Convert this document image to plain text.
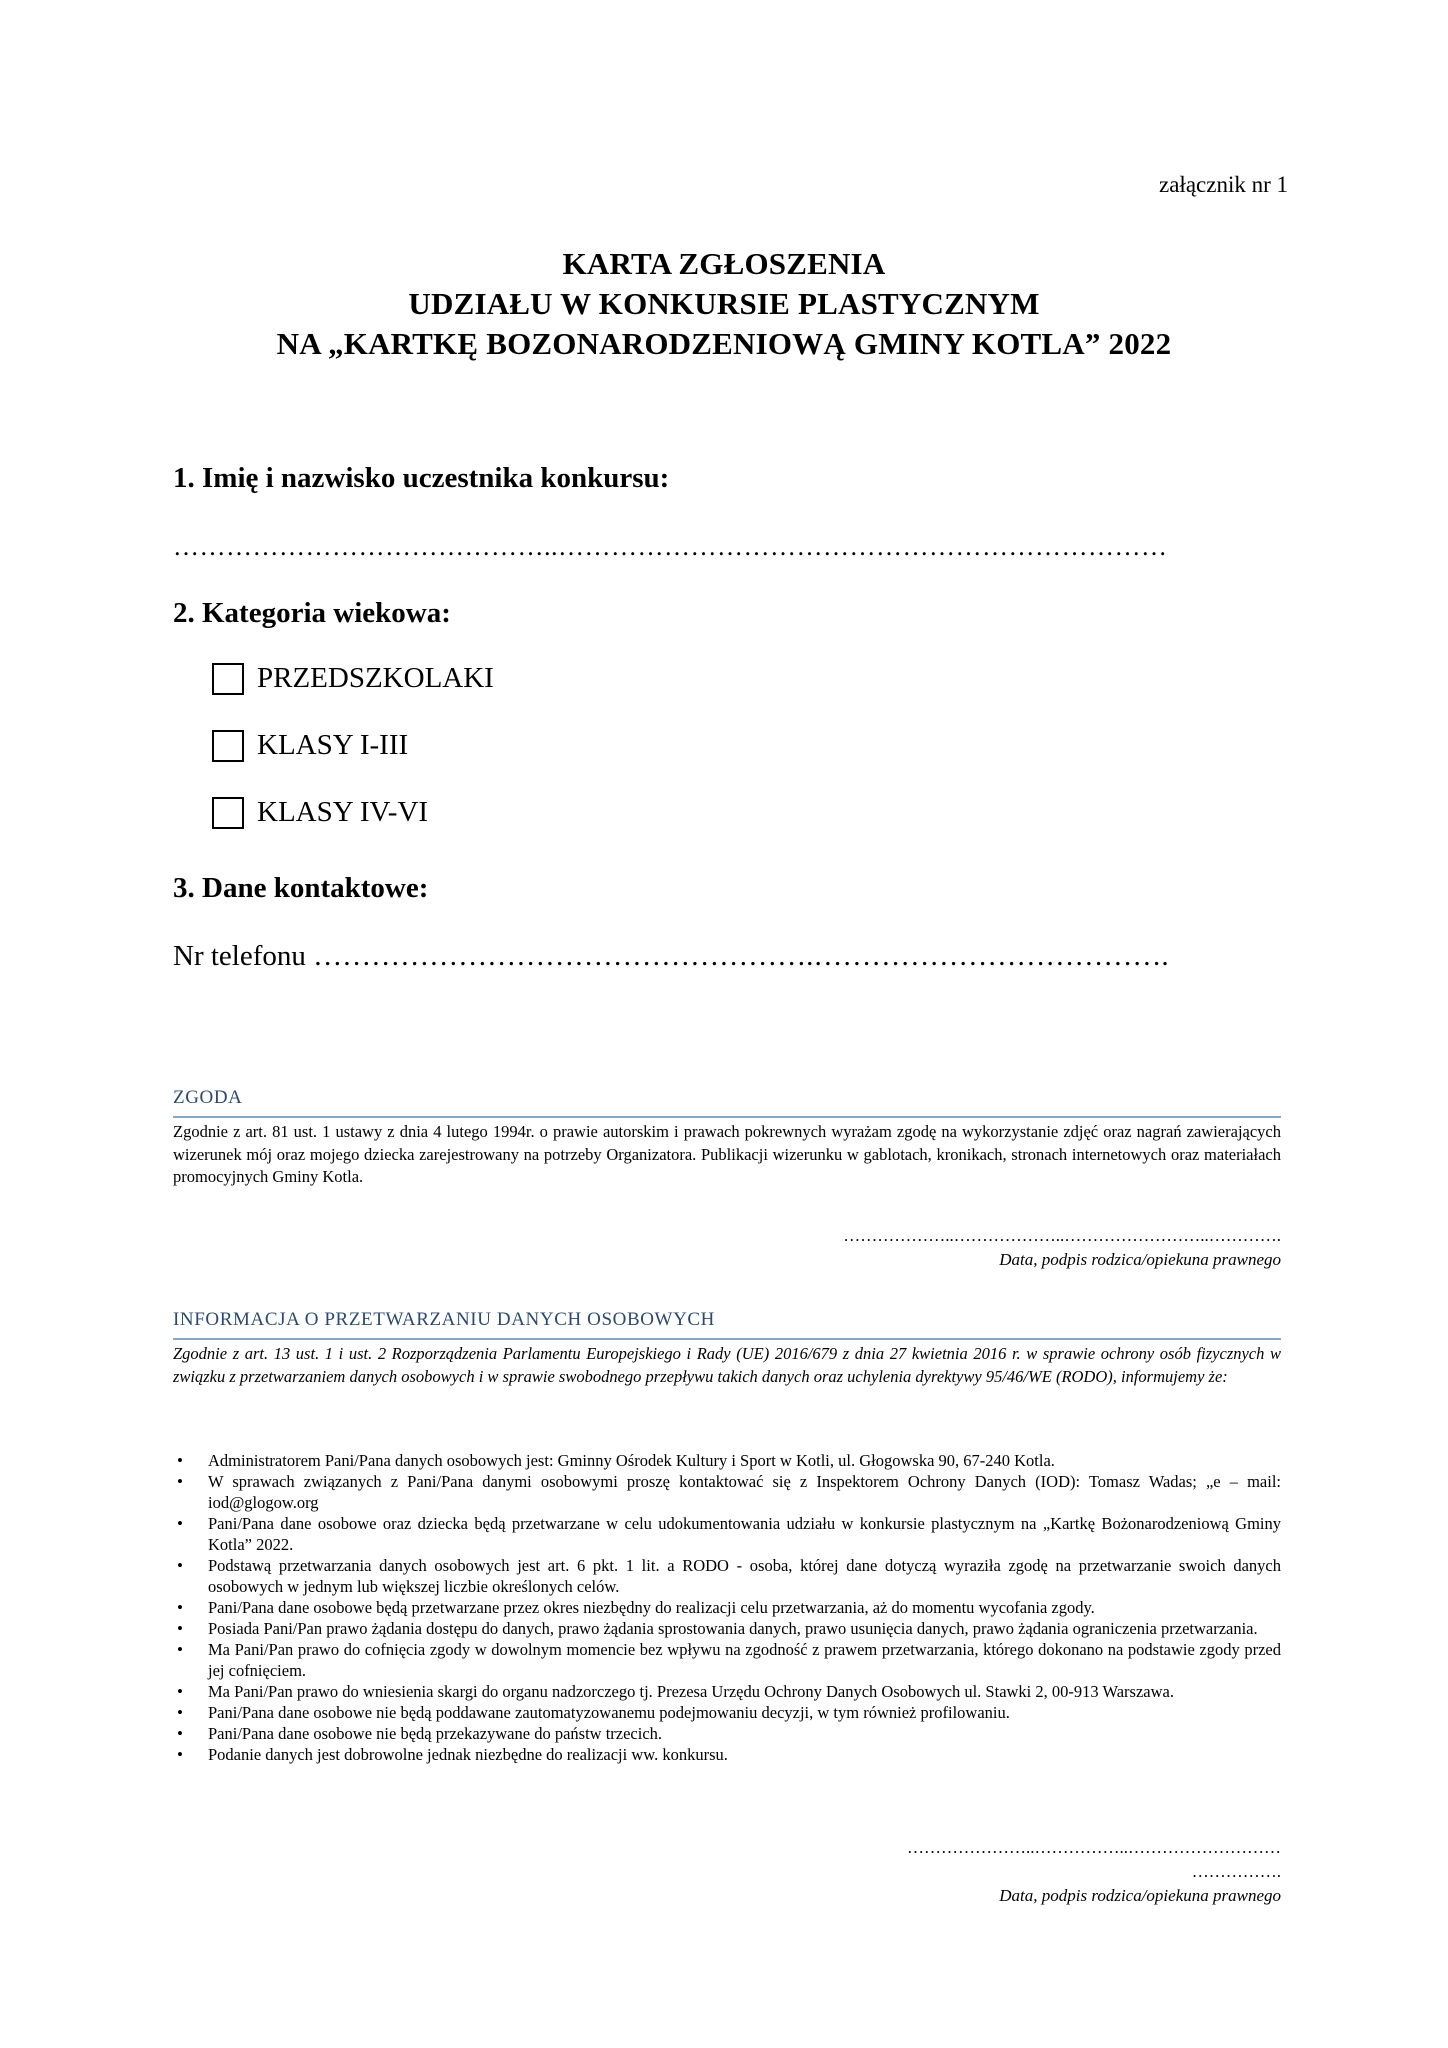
załącznik nr 1
KARTA ZGŁOSZENIA
UDZIAŁU W KONKURSIE PLASTYCZNYM
NA „KARTKĘ BOZONARODZENIOWĄ GMINY KOTLA” 2022
1. Imię i nazwisko uczestnika konkursu:
……………………………………..……………………………………………………………
2. Kategoria wiekowa:
PRZEDSZKOLAKI
KLASY I-III
KLASY IV-VI
3. Dane kontaktowe:
Nr telefonu …………………………………………….……………………………….
ZGODA
Zgodnie z art. 81 ust. 1 ustawy z dnia 4 lutego 1994r. o prawie autorskim i prawach pokrewnych wyrażam zgodę na wykorzystanie zdjęć oraz nagrań zawierających wizerunek mój oraz mojego dziecka zarejestrowany na potrzeby Organizatora. Publikacji wizerunku w gablotach, kronikach, stronach internetowych oraz materiałach promocyjnych Gminy Kotla.
………………..………………..……………………..………….
Data, podpis rodzica/opiekuna prawnego
INFORMACJA O PRZETWARZANIU DANYCH OSOBOWYCH
Zgodnie z art. 13 ust. 1 i ust. 2 Rozporządzenia Parlamentu Europejskiego i Rady (UE) 2016/679 z dnia 27 kwietnia 2016 r. w sprawie ochrony osób fizycznych w związku z przetwarzaniem danych osobowych i w sprawie swobodnego przepływu takich danych oraz uchylenia dyrektywy 95/46/WE (RODO), informujemy że:
• Administratorem Pani/Pana danych osobowych jest: Gminny Ośrodek Kultury i Sport w Kotli, ul. Głogowska 90, 67-240 Kotla.
• W sprawach związanych z Pani/Pana danymi osobowymi proszę kontaktować się z Inspektorem Ochrony Danych (IOD): Tomasz Wadas; „e – mail: iod@glogow.org
• Pani/Pana dane osobowe oraz dziecka będą przetwarzane w celu udokumentowania udziału w konkursie plastycznym na „Kartkę Bożonarodzeniową Gminy Kotla” 2022.
• Podstawą przetwarzania danych osobowych jest art. 6 pkt. 1 lit. a RODO - osoba, której dane dotyczą wyraziła zgodę na przetwarzanie swoich danych osobowych w jednym lub większej liczbie określonych celów.
• Pani/Pana dane osobowe będą przetwarzane przez okres niezbędny do realizacji celu przetwarzania, aż do momentu wycofania zgody.
• Posiada Pani/Pan prawo żądania dostępu do danych, prawo żądania sprostowania danych, prawo usunięcia danych, prawo żądania ograniczenia przetwarzania.
• Ma Pani/Pan prawo do cofnięcia zgody w dowolnym momencie bez wpływu na zgodność z prawem przetwarzania, którego dokonano na podstawie zgody przed jej cofnięciem.
• Ma Pani/Pan prawo do wniesienia skargi do organu nadzorczego tj. Prezesa Urzędu Ochrony Danych Osobowych ul. Stawki 2, 00-913 Warszawa.
• Pani/Pana dane osobowe nie będą poddawane zautomatyzowanemu podejmowaniu decyzji, w tym również profilowaniu.
• Pani/Pana dane osobowe nie będą przekazywane do państw trzecich.
• Podanie danych jest dobrowolne jednak niezbędne do realizacji ww. konkursu.
…………………..……………..………………………
…………….
Data, podpis rodzica/opiekuna prawnego
